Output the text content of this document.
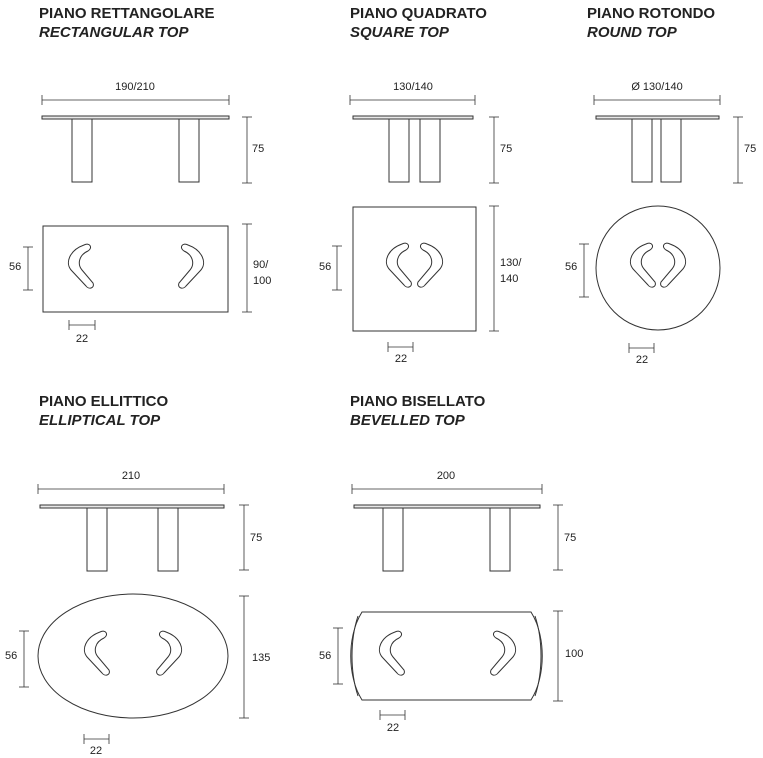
PIANO RETTANGOLARE
RECTANGULAR TOP
PIANO QUADRATO
SQUARE TOP
PIANO ROTONDO
ROUND TOP
PIANO ELLITTICO
ELLIPTICAL TOP
PIANO BISELLATO
BEVELLED TOP
190/210
75
90/
100
56
22
130/140
75
130/
140
56
22
Ø 130/140
75
56
22
210
75
135
56
22
200
75
100
56
22
